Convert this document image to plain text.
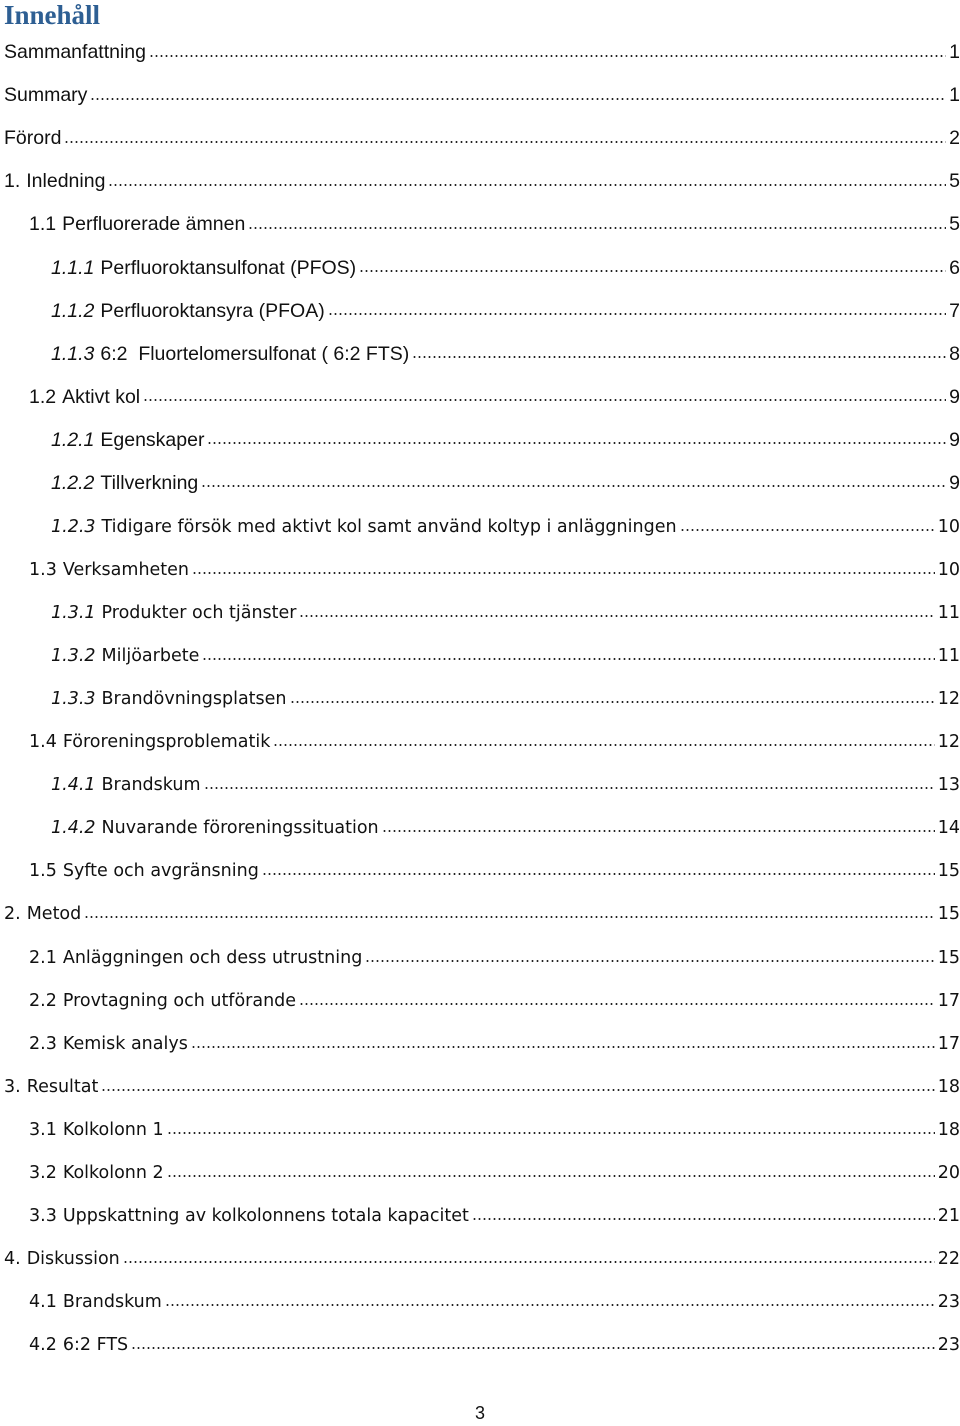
Innehåll
Sammanfattning	1
Summary	1
Förord	2
1. Inledning	5
1.1 Perfluorerade ämnen	5
1.1.1 Perfluoroktansulfonat (PFOS)	6
1.1.2 Perfluoroktansyra (PFOA)	7
1.1.3 6:2  Fluortelomersulfonat ( 6:2 FTS)	8
1.2 Aktivt kol	9
1.2.1 Egenskaper	9
1.2.2 Tillverkning	9
1.2.3 Tidigare försök med aktivt kol samt använd koltyp i anläggningen	10
1.3 Verksamheten	10
1.3.1 Produkter och tjänster	11
1.3.2 Miljöarbete	11
1.3.3 Brandövningsplatsen	12
1.4 Föroreningsproblematik	12
1.4.1 Brandskum	13
1.4.2 Nuvarande föroreningssituation	14
1.5 Syfte och avgränsning	15
2. Metod	15
2.1 Anläggningen och dess utrustning	15
2.2 Provtagning och utförande	17
2.3 Kemisk analys	17
3. Resultat	18
3.1 Kolkolonn 1	18
3.2 Kolkolonn 2	20
3.3 Uppskattning av kolkolonnens totala kapacitet	21
4. Diskussion	22
4.1 Brandskum	23
4.2 6:2 FTS	23
3
